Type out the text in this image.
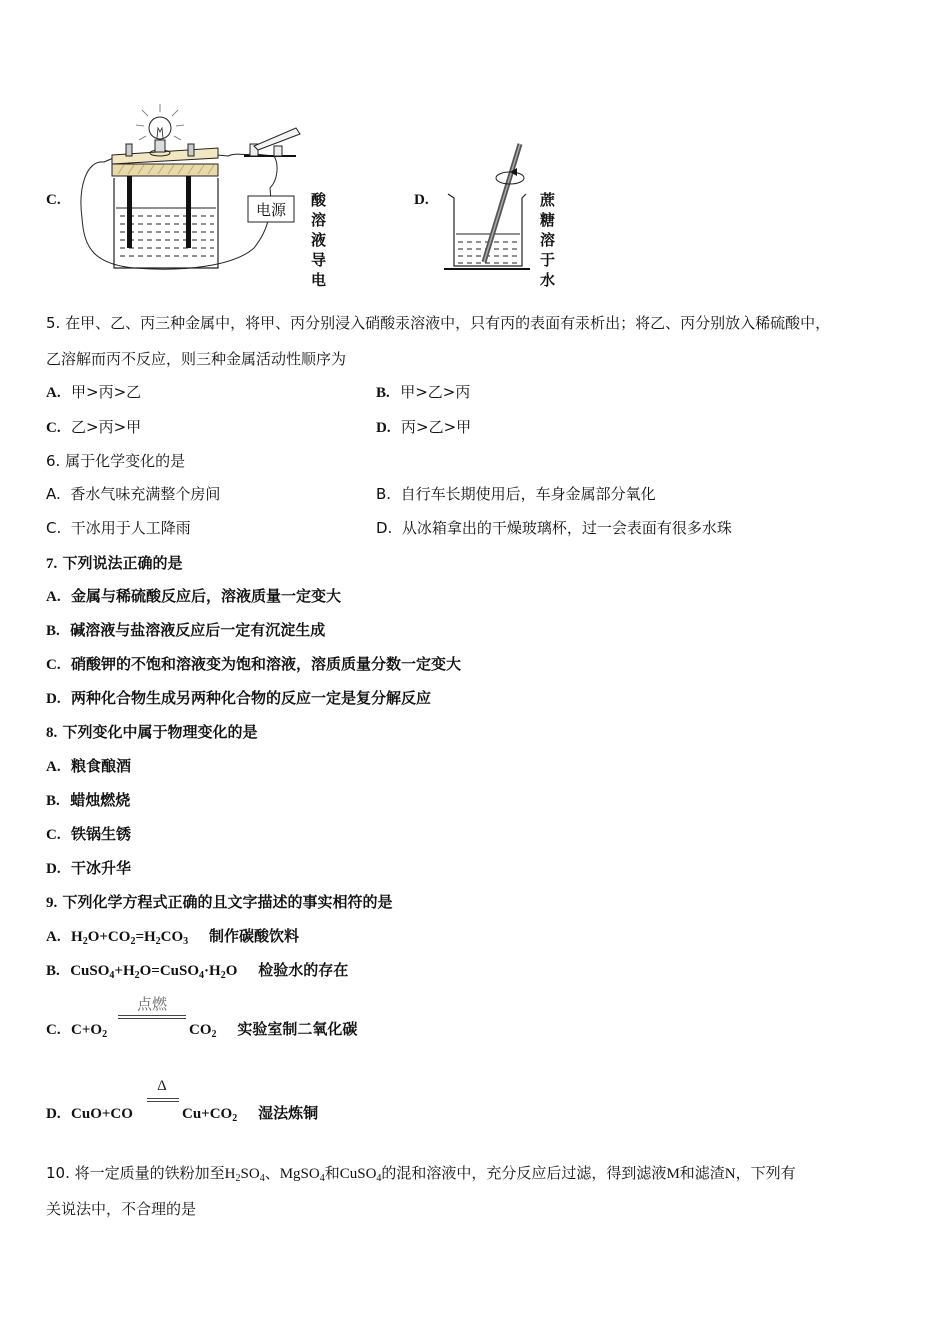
C.
电源
酸溶液导电
D.	蔗糖溶于水
5. 在甲、乙、丙三种金属中，将甲、丙分别浸入硝酸汞溶液中，只有丙的表面有汞析出；将乙、丙分别放入稀硫酸中，
乙溶解而丙不反应，则三种金属活动性顺序为
A. 甲>丙>乙	B. 甲>乙>丙
C. 乙>丙>甲	D. 丙>乙>甲
6. 属于化学变化的是
A. 香水气味充满整个房间	B. 自行车长期使用后，车身金属部分氧化
C. 干冰用于人工降雨	D. 从冰箱拿出的干燥玻璃杯，过一会表面有很多水珠
7. 下列说法正确的是
A. 金属与稀硫酸反应后，溶液质量一定变大
B. 碱溶液与盐溶液反应后一定有沉淀生成
C. 硝酸钾的不饱和溶液变为饱和溶液，溶质质量分数一定变大
D. 两种化合物生成另两种化合物的反应一定是复分解反应
8. 下列变化中属于物理变化的是
A. 粮食酿酒
B. 蜡烛燃烧
C. 铁锅生锈
D. 干冰升华
9. 下列化学方程式正确的且文字描述的事实相符的是
A. $H_2O+CO_2=H_2CO_3$ 制作碳酸饮料
B. $CuSO_4+H_2O=CuSO_4\cdot H_2O$ 检验水的存在
C. $C+O_2$
点燃
$CO_2$ 实验室制二氧化碳
D. CuO+CO
Δ
$Cu+CO_2$ 湿法炼铜
10. 将一定质量的铁粉加至$H_2SO_4$、MgSO$_4$和CuSO$_4$的混和溶液中，充分反应后过滤，得到滤液M和滤渣N，下列有
关说法中，不合理的是
